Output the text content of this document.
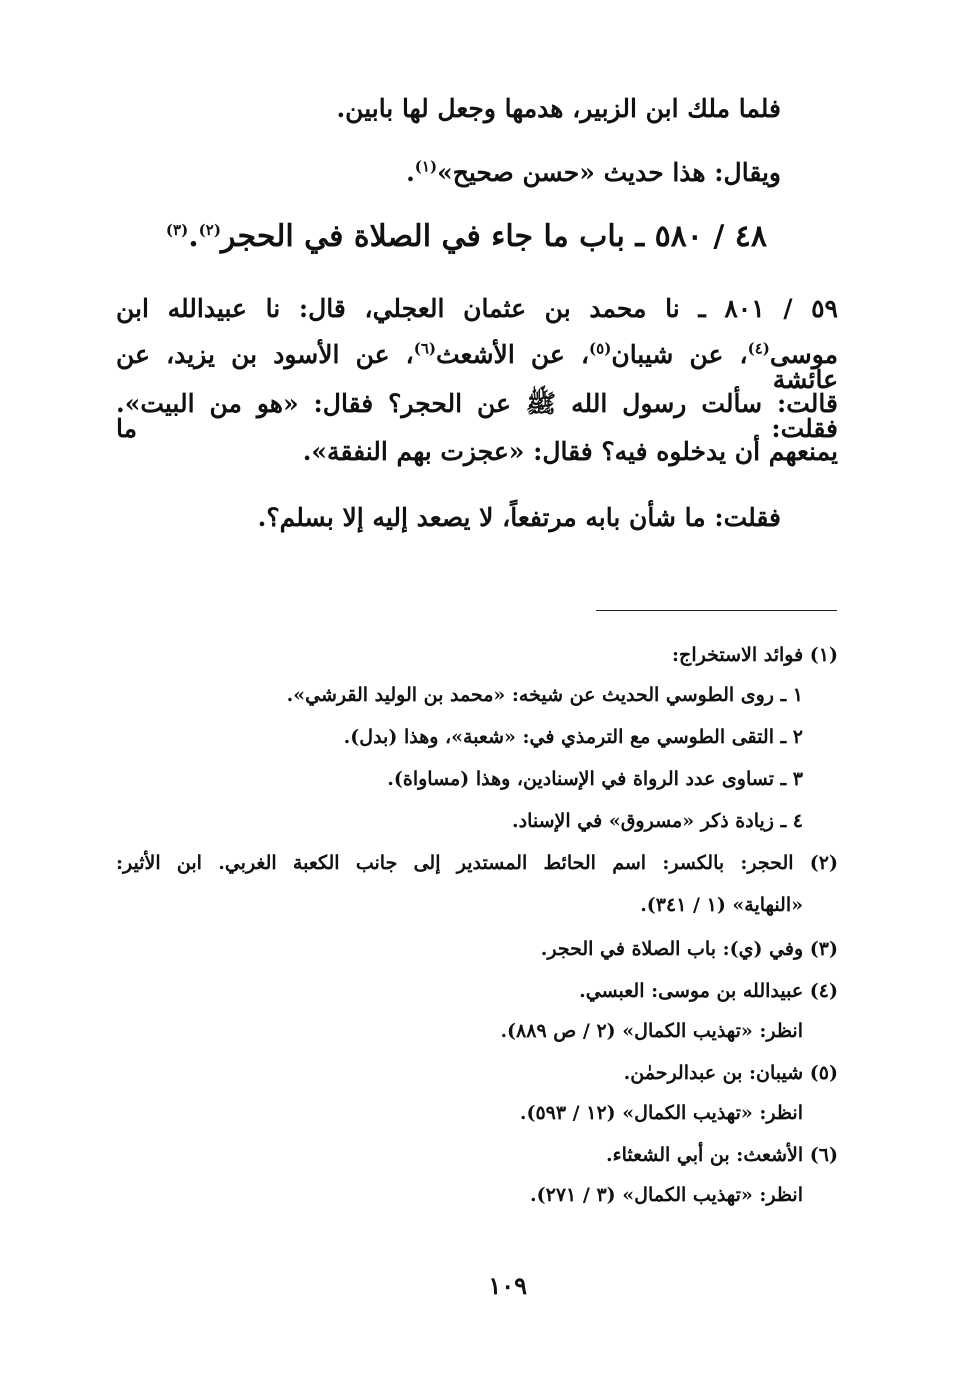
فلما ملك ابن الزبير، هدمها وجعل لها بابين.
ويقال: هذا حديث «حسن صحيح»$^{(١)}$.
٤٨ / ٥٨٠ ـ باب ما جاء في الصلاة في الحجر$^{(٢)}$.$^{(٣)}$
٥٩ / ٨٠١ ـ نا محمد بن عثمان العجلي، قال: نا عبيدالله ابن
موسى$^{(٤)}$، عن شيبان$^{(٥)}$، عن الأشعث$^{(٦)}$، عن الأسود بن يزيد، عن عائشة
قالت: سألت رسول الله ﷺ عن الحجر؟ فقال: «هو من البيت». فقلت: ما
يمنعهم أن يدخلوه فيه؟ فقال: «عجزت بهم النفقة».
فقلت: ما شأن بابه مرتفعاً، لا يصعد إليه إلا بسلم؟.
(١) فوائد الاستخراج:
١ ـ روى الطوسي الحديث عن شيخه: «محمد بن الوليد القرشي».
٢ ـ التقى الطوسي مع الترمذي في: «شعبة»، وهذا (بدل).
٣ ـ تساوى عدد الرواة في الإسنادين، وهذا (مساواة).
٤ ـ زيادة ذكر «مسروق» في الإسناد.
(٢) الحجر: بالكسر: اسم الحائط المستدير إلى جانب الكعبة الغربي. ابن الأثير:
«النهاية» (١ / ٣٤١).
(٣) وفي (ي): باب الصلاة في الحجر.
(٤) عبيدالله بن موسى: العبسي.
انظر: «تهذيب الكمال» (٢ / ص ٨٨٩).
(٥) شيبان: بن عبدالرحمٰن.
انظر: «تهذيب الكمال» (١٢ / ٥٩٣).
(٦) الأشعث: بن أبي الشعثاء.
انظر: «تهذيب الكمال» (٣ / ٢٧١).
١٠٩
